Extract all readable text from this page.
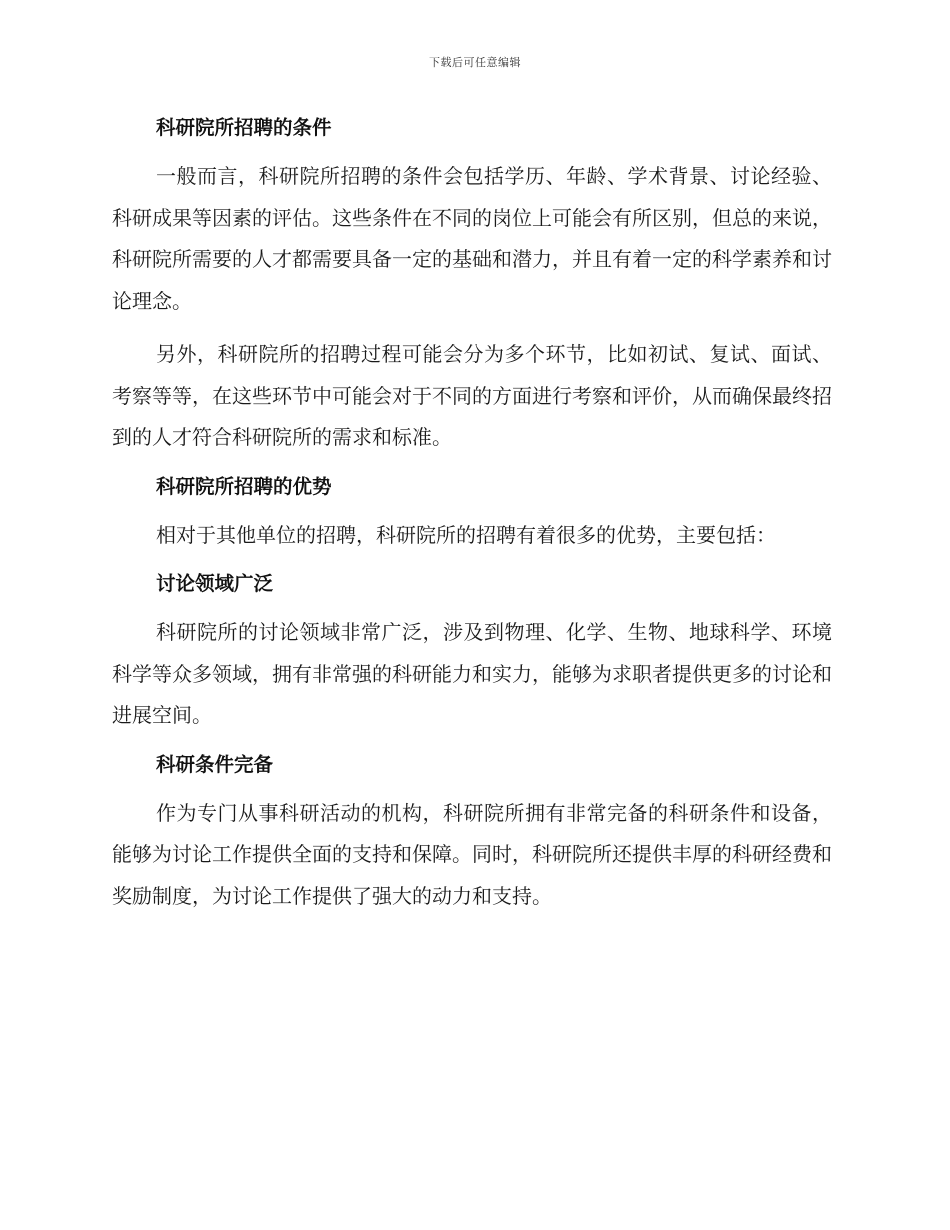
下载后可任意编辑
科研院所招聘的条件

一般而言，科研院所招聘的条件会包括学历、年龄、学术背景、讨论经验、科研成果等因素的评估。这些条件在不同的岗位上可能会有所区别，但总的来说，科研院所需要的人才都需要具备一定的基础和潜力，并且有着一定的科学素养和讨论理念。

另外，科研院所的招聘过程可能会分为多个环节，比如初试、复试、面试、考察等等，在这些环节中可能会对于不同的方面进行考察和评价，从而确保最终招到的人才符合科研院所的需求和标准。

科研院所招聘的优势

相对于其他单位的招聘，科研院所的招聘有着很多的优势，主要包括：

讨论领域广泛

科研院所的讨论领域非常广泛，涉及到物理、化学、生物、地球科学、环境科学等众多领域，拥有非常强的科研能力和实力，能够为求职者提供更多的讨论和进展空间。

科研条件完备

作为专门从事科研活动的机构，科研院所拥有非常完备的科研条件和设备，能够为讨论工作提供全面的支持和保障。同时，科研院所还提供丰厚的科研经费和奖励制度，为讨论工作提供了强大的动力和支持。
